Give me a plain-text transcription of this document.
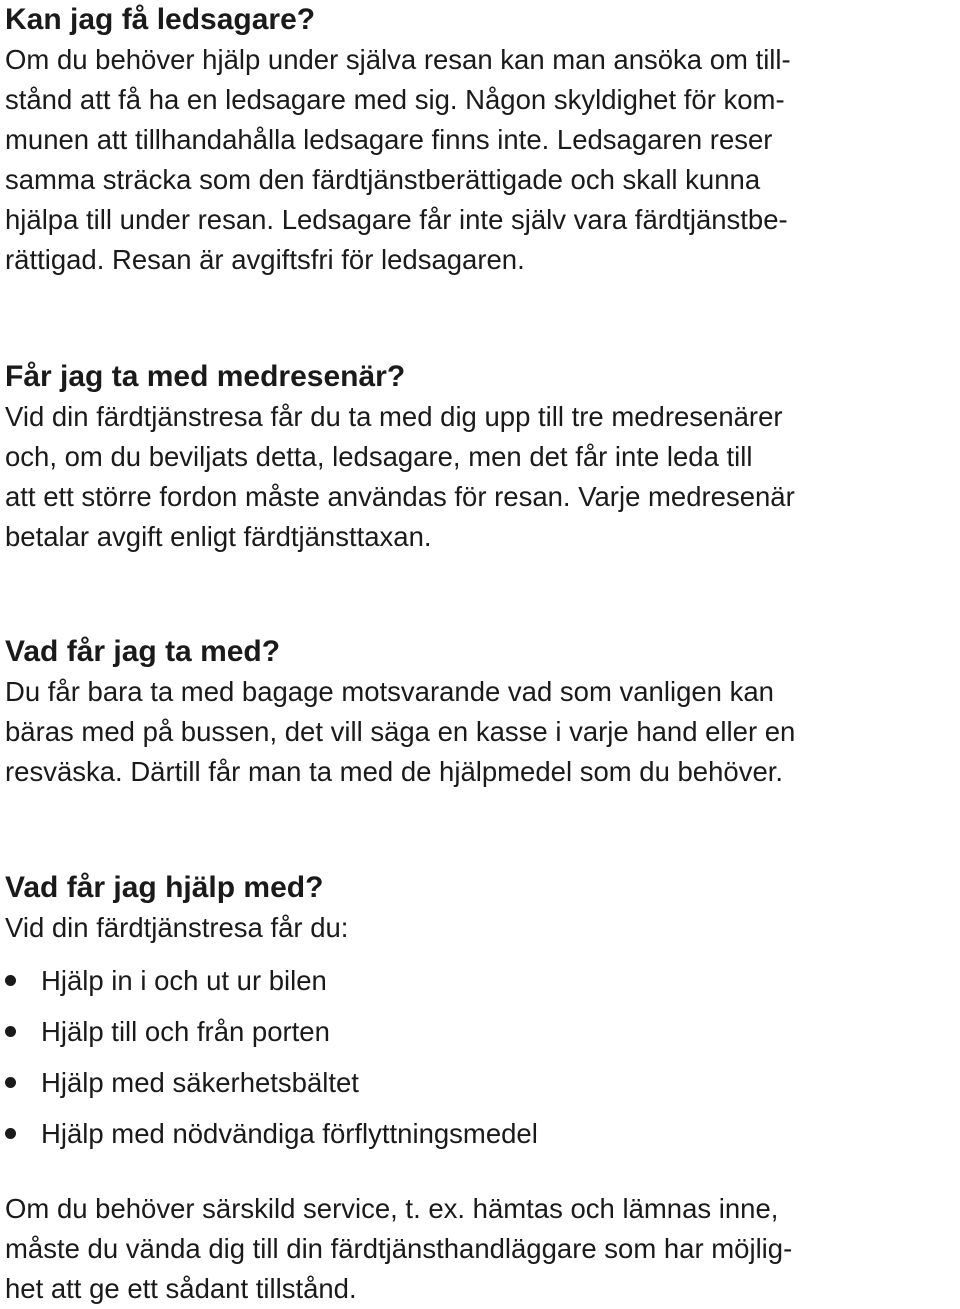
Kan jag få ledsagare?

Om du behöver hjälp under själva resan kan man ansöka om till-
stånd att få ha en ledsagare med sig. Någon skyldighet för kom-
munen att tillhandahålla ledsagare finns inte. Ledsagaren reser
samma sträcka som den färdtjänstberättigade och skall kunna
hjälpa till under resan. Ledsagare får inte själv vara färdtjänstbe-
rättigad. Resan är avgiftsfri för ledsagaren.

Får jag ta med medresenär?

Vid din färdtjänstresa får du ta med dig upp till tre medresenärer
och, om du beviljats detta, ledsagare, men det får inte leda till
att ett större fordon måste användas för resan. Varje medresenär
betalar avgift enligt färdtjänsttaxan.

Vad får jag ta med?

Du får bara ta med bagage motsvarande vad som vanligen kan
bäras med på bussen, det vill säga en kasse i varje hand eller en
resväska. Därtill får man ta med de hjälpmedel som du behöver.

Vad får jag hjälp med?

Vid din färdtjänstresa får du:

Hjälp in i och ut ur bilen
Hjälp till och från porten
Hjälp med säkerhetsbältet
Hjälp med nödvändiga förflyttningsmedel

Om du behöver särskild service, t. ex. hämtas och lämnas inne,
måste du vända dig till din färdtjänsthandläggare som har möjlig-
het att ge ett sådant tillstånd.
